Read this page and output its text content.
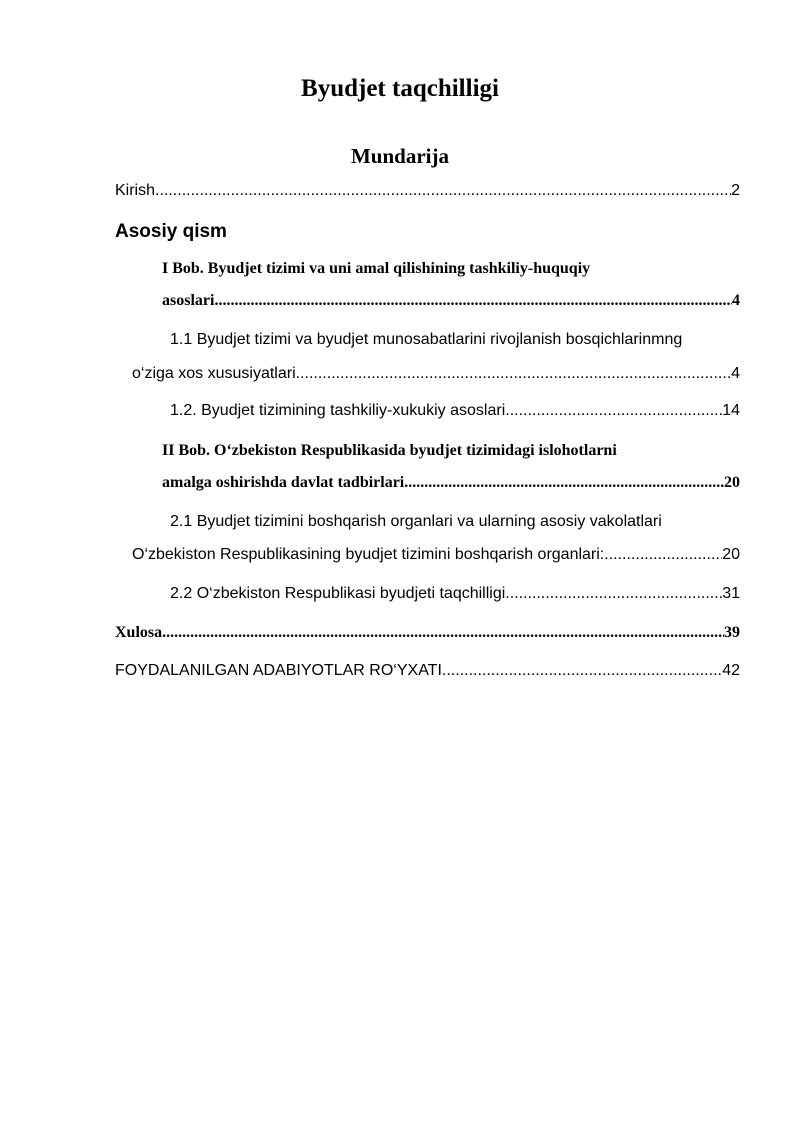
Byudjet taqchilligi
Mundarija
Kirish .....	2
Asosiy qism
I Bob. Byudjet tizimi va uni amal qilishining tashkiliy-huquqiy
asoslari .....	4
1.1 Byudjet tizimi va byudjet munosabatlarini rivojlanish bosqichlarinmng
o‘ziga xos xususiyatlari .....	4
1.2. Byudjet tizimining tashkiliy-xukukiy asoslari .....	14
II Bob. O‘zbekiston Respublikasida byudjet tizimidagi islohotlarni
amalga oshirishda davlat tadbirlari .....	20
2.1 Byudjet tizimini boshqarish organlari va ularning asosiy vakolatlari
O‘zbekiston Respublikasining byudjet tizimini boshqarish organlari: .....	20
2.2 O‘zbekiston Respublikasi byudjeti taqchilligi .....	31
Xulosa .....	39
FOYDALANILGAN ADABIYOTLAR RO‘YXATI .....	42
